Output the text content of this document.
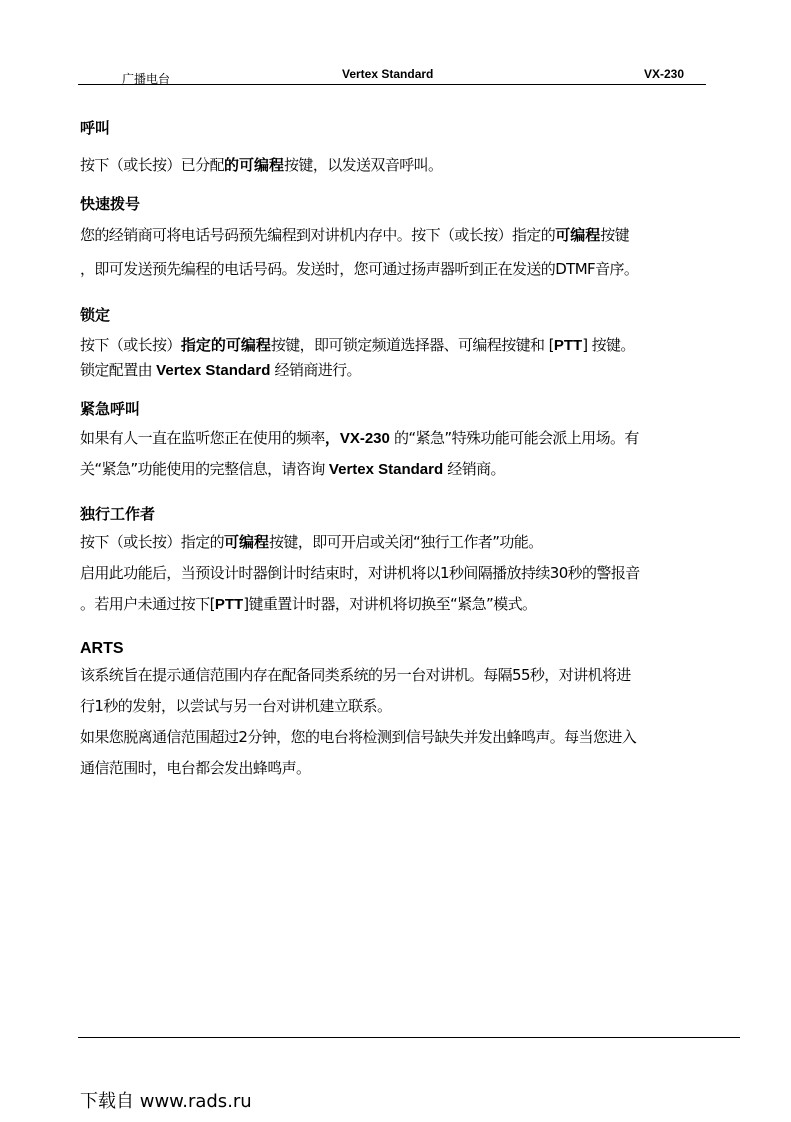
广播电台	Vertex Standard	VX-230

呼叫

按下（或长按）已分配的可编程按键，以发送双音呼叫。

快速拨号

您的经销商可将电话号码预先编程到对讲机内存中。按下（或长按）指定的可编程按键

，即可发送预先编程的电话号码。发送时，您可通过扬声器听到正在发送的DTMF音序。

锁定

按下（或长按）指定的可编程按键，即可锁定频道选择器、可编程按键和 [PTT] 按键。

锁定配置由 Vertex Standard 经销商进行。

紧急呼叫

如果有人一直在监听您正在使用的频率，VX-230 的“紧急”特殊功能可能会派上用场。有

关“紧急”功能使用的完整信息，请咨询 Vertex Standard 经销商。

独行工作者

按下（或长按）指定的可编程按键，即可开启或关闭“独行工作者”功能。

启用此功能后，当预设计时器倒计时结束时，对讲机将以1秒间隔播放持续30秒的警报音

。若用户未通过按下[PTT]键重置计时器，对讲机将切换至“紧急”模式。

ARTS

该系统旨在提示通信范围内存在配备同类系统的另一台对讲机。每隔55秒，对讲机将进

行1秒的发射，以尝试与另一台对讲机建立联系。

如果您脱离通信范围超过2分钟，您的电台将检测到信号缺失并发出蜂鸣声。每当您进入

通信范围时，电台都会发出蜂鸣声。

下载自 www.rads.ru
